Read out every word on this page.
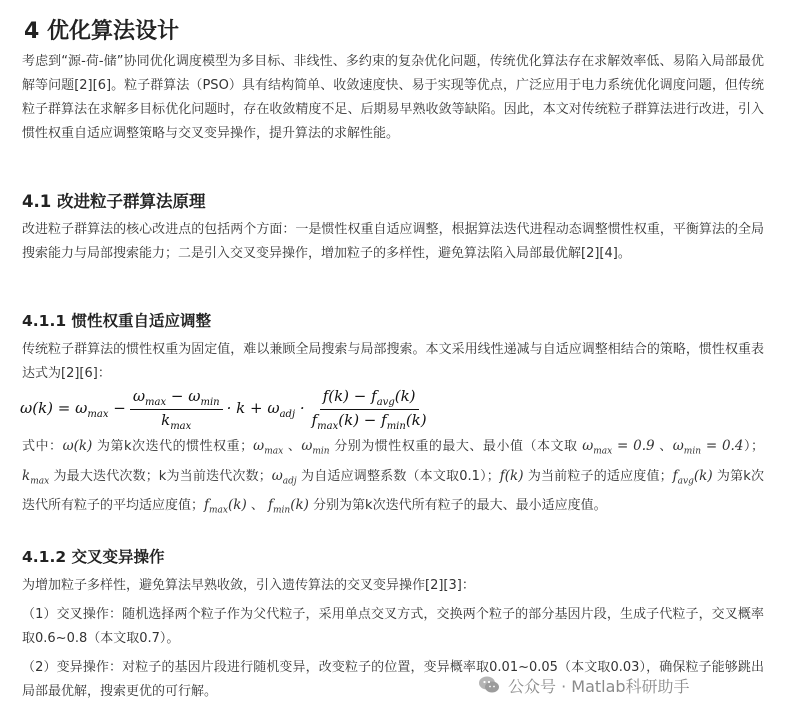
4 优化算法设计
考虑到“源-荷-储”协同优化调度模型为多目标、非线性、多约束的复杂优化问题，传统优化算法存在求解效率低、易陷入局部最优解等问题[2][6]。粒子群算法（PSO）具有结构简单、收敛速度快、易于实现等优点，广泛应用于电力系统优化调度问题，但传统粒子群算法在求解多目标优化问题时，存在收敛精度不足、后期易早熟收敛等缺陷。因此，本文对传统粒子群算法进行改进，引入惯性权重自适应调整策略与交叉变异操作，提升算法的求解性能。
4.1 改进粒子群算法原理
改进粒子群算法的核心改进点的包括两个方面：一是惯性权重自适应调整，根据算法迭代进程动态调整惯性权重，平衡算法的全局搜索能力与局部搜索能力；二是引入交叉变异操作，增加粒子的多样性，避免算法陷入局部最优解[2][4]。
4.1.1 惯性权重自适应调整
传统粒子群算法的惯性权重为固定值，难以兼顾全局搜索与局部搜索。本文采用线性递减与自适应调整相结合的策略，惯性权重表达式为[2][6]：
$\omega(k) = \omega_{max} - \frac{\omega_{max} - \omega_{min}}{k_{max}} \cdot k + \omega_{adj} \cdot \frac{f(k) - f_{avg}(k)}{f_{max}(k) - f_{min}(k)}$
式中：ω(k) 为第k次迭代的惯性权重；$\omega_{max}$ 、$\omega_{min}$ 分别为惯性权重的最大、最小值（本文取 $\omega_{max} = 0.9$ 、$\omega_{min} = 0.4$）；$k_{max}$ 为最大迭代次数；k为当前迭代次数；$\omega_{adj}$ 为自适应调整系数（本文取0.1）；f(k) 为当前粒子的适应度值；$f_{avg}(k)$ 为第k次迭代所有粒子的平均适应度值；$f_{max}(k)$ 、 $f_{min}(k)$ 分别为第k次迭代所有粒子的最大、最小适应度值。
4.1.2 交叉变异操作
为增加粒子多样性，避免算法早熟收敛，引入遗传算法的交叉变异操作[2][3]：
（1）交叉操作：随机选择两个粒子作为父代粒子，采用单点交叉方式，交换两个粒子的部分基因片段，生成子代粒子，交叉概率取0.6~0.8（本文取0.7）。
（2）变异操作：对粒子的基因片段进行随机变异，改变粒子的位置，变异概率取0.01~0.05（本文取0.03），确保粒子能够跳出局部最优解，搜索更优的可行解。	公众号 · Matlab科研助手
